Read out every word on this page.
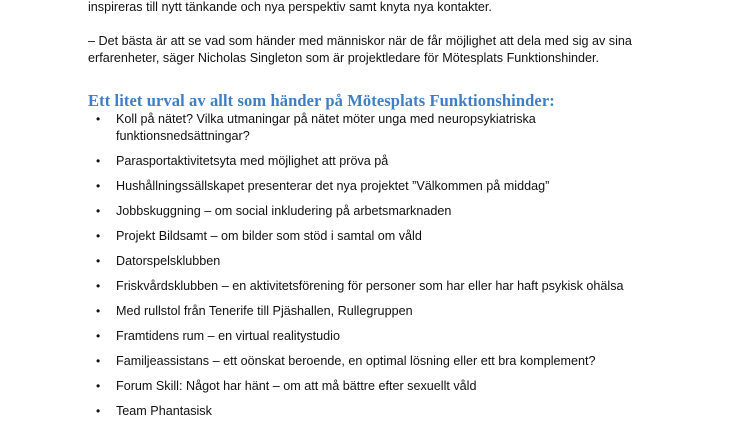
inspireras till nytt tänkande och nya perspektiv samt knyta nya kontakter.

– Det bästa är att se vad som händer med människor när de får möjlighet att dela med sig av sina
erfarenheter, säger Nicholas Singleton som är projektledare för Mötesplats Funktionshinder.

Ett litet urval av allt som händer på Mötesplats Funktionshinder:
• Koll på nätet? Vilka utmaningar på nätet möter unga med neuropsykiatriska
funktionsnedsättningar?
• Parasportaktivitetsyta med möjlighet att pröva på
• Hushållningssällskapet presenterar det nya projektet ”Välkommen på middag”
• Jobbskuggning – om social inkludering på arbetsmarknaden
• Projekt Bildsamt – om bilder som stöd i samtal om våld
• Datorspelsklubben
• Friskvårdsklubben – en aktivitetsförening för personer som har eller har haft psykisk ohälsa
• Med rullstol från Tenerife till Pjäshallen, Rullegruppen
• Framtidens rum – en virtual realitystudio
• Familjeassistans – ett oönskat beroende, en optimal lösning eller ett bra komplement?
• Forum Skill: Något har hänt – om att må bättre efter sexuellt våld
• Team Phantasisk
